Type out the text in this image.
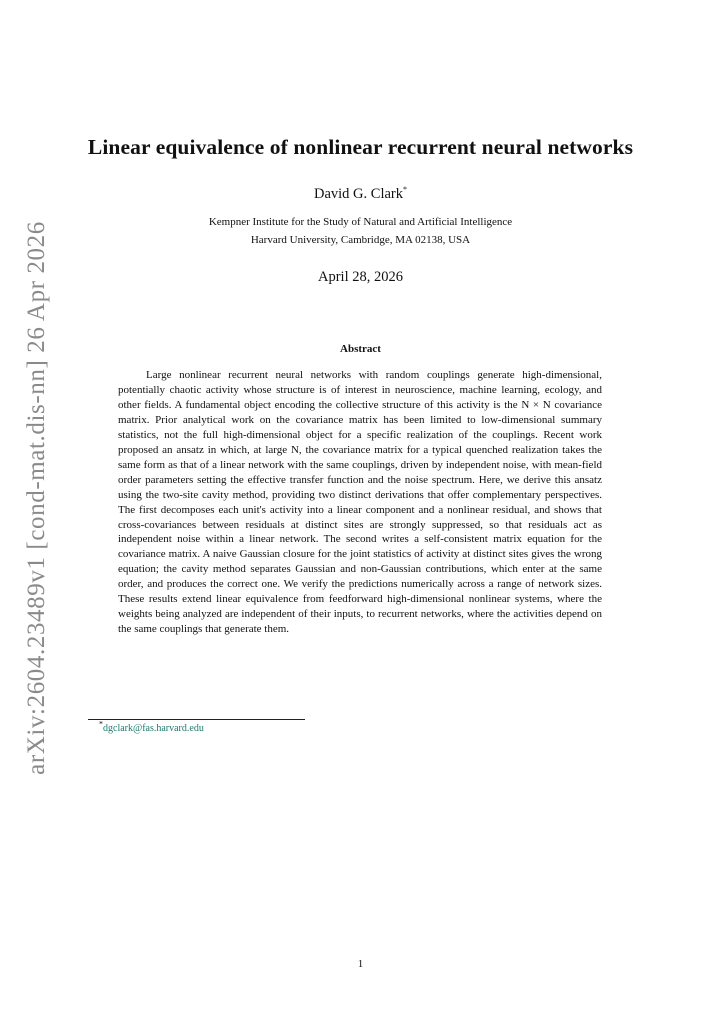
arXiv:2604.23489v1 [cond-mat.dis-nn] 26 Apr 2026
Linear equivalence of nonlinear recurrent neural networks
David G. Clark*
Kempner Institute for the Study of Natural and Artificial Intelligence
Harvard University, Cambridge, MA 02138, USA
April 28, 2026
Abstract

Large nonlinear recurrent neural networks with random couplings generate high-dimensional, potentially chaotic activity whose structure is of interest in neuroscience, machine learning, ecology, and other fields. A fundamental object encoding the collective structure of this activity is the N × N covariance matrix. Prior analytical work on the covariance matrix has been limited to low-dimensional summary statistics, not the full high-dimensional object for a specific realization of the couplings. Recent work proposed an ansatz in which, at large N, the covariance matrix for a typical quenched realization takes the same form as that of a linear network with the same couplings, driven by independent noise, with mean-field order parameters setting the effective transfer function and the noise spectrum. Here, we derive this ansatz using the two-site cavity method, providing two distinct derivations that offer complementary perspectives. The first decomposes each unit's activity into a linear component and a nonlinear residual, and shows that cross-covariances between residuals at distinct sites are strongly suppressed, so that residuals act as independent noise within a linear network. The second writes a self-consistent matrix equation for the covariance matrix. A naive Gaussian closure for the joint statistics of activity at distinct sites gives the wrong equation; the cavity method separates Gaussian and non-Gaussian contributions, which enter at the same order, and produces the correct one. We verify the predictions numerically across a range of network sizes. These results extend linear equivalence from feedforward high-dimensional nonlinear systems, where the weights being analyzed are independent of their inputs, to recurrent networks, where the activities depend on the same couplings that generate them.

*dgclark@fas.harvard.edu
1
